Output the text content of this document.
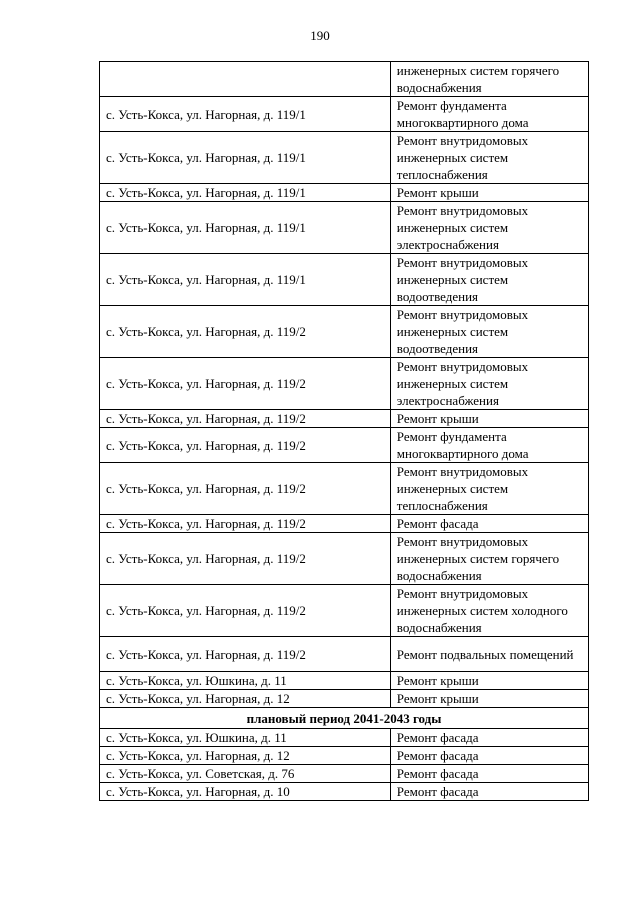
190
	инженерных систем горячего водоснабжения
с. Усть-Кокса, ул. Нагорная, д. 119/1	Ремонт фундамента многоквартирного дома
с. Усть-Кокса, ул. Нагорная, д. 119/1	Ремонт внутридомовых инженерных систем теплоснабжения
с. Усть-Кокса, ул. Нагорная, д. 119/1	Ремонт крыши
с. Усть-Кокса, ул. Нагорная, д. 119/1	Ремонт внутридомовых инженерных систем электроснабжения
с. Усть-Кокса, ул. Нагорная, д. 119/1	Ремонт внутридомовых инженерных систем водоотведения
с. Усть-Кокса, ул. Нагорная, д. 119/2	Ремонт внутридомовых инженерных систем водоотведения
с. Усть-Кокса, ул. Нагорная, д. 119/2	Ремонт внутридомовых инженерных систем электроснабжения
с. Усть-Кокса, ул. Нагорная, д. 119/2	Ремонт крыши
с. Усть-Кокса, ул. Нагорная, д. 119/2	Ремонт фундамента многоквартирного дома
с. Усть-Кокса, ул. Нагорная, д. 119/2	Ремонт внутридомовых инженерных систем теплоснабжения
с. Усть-Кокса, ул. Нагорная, д. 119/2	Ремонт фасада
с. Усть-Кокса, ул. Нагорная, д. 119/2	Ремонт внутридомовых инженерных систем горячего водоснабжения
с. Усть-Кокса, ул. Нагорная, д. 119/2	Ремонт внутридомовых инженерных систем холодного водоснабжения
с. Усть-Кокса, ул. Нагорная, д. 119/2	Ремонт подвальных помещений
с. Усть-Кокса, ул. Юшкина, д. 11	Ремонт крыши
с. Усть-Кокса, ул. Нагорная, д. 12	Ремонт крыши
плановый период 2041-2043 годы	
с. Усть-Кокса, ул. Юшкина, д. 11	Ремонт фасада
с. Усть-Кокса, ул. Нагорная, д. 12	Ремонт фасада
с. Усть-Кокса, ул. Советская, д. 76	Ремонт фасада
с. Усть-Кокса, ул. Нагорная, д. 10	Ремонт фасада
